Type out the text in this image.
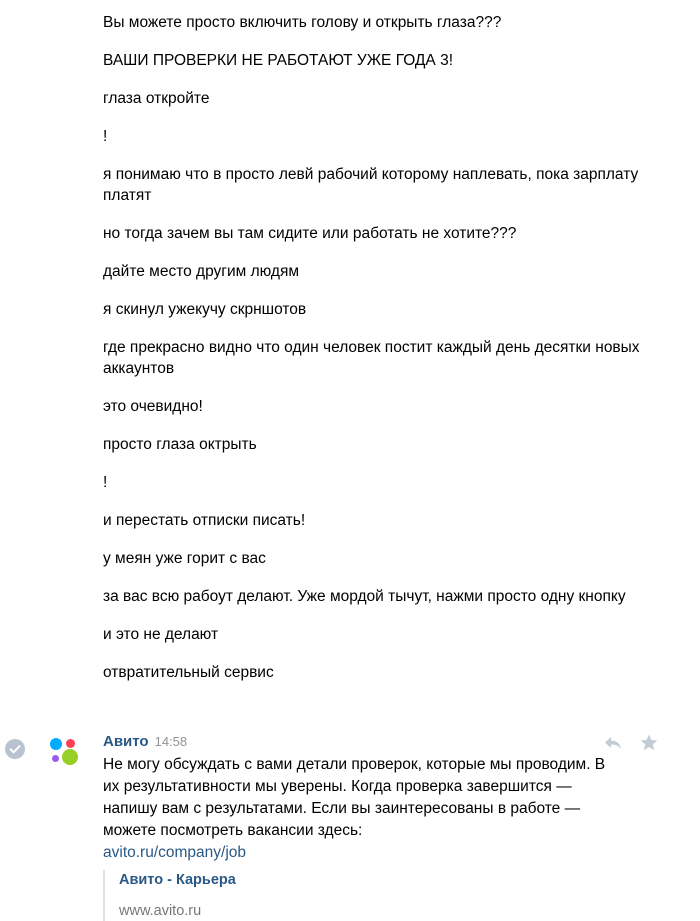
Вы можете просто включить голову и открыть глаза???

ВАШИ ПРОВЕРКИ НЕ РАБОТАЮТ УЖЕ ГОДА 3!

глаза откройте

!

я понимаю что в просто левй рабочий которому наплевать, пока зарплату платят

но тогда зачем вы там сидите или работать не хотите???

дайте место другим людям

я скинул ужекучу скрншотов

где прекрасно видно что один человек постит каждый день десятки новых аккаунтов

это очевидно!

просто глаза октрыть

!

и перестать отписки писать!

у меян уже горит с вас

за вас всю рабоут делают. Уже мордой тычут, нажми просто одну кнопку

и это не делают

отвратительный сервис

Авито 14:58
Не могу обсуждать с вами детали проверок, которые мы проводим. В их результативности мы уверены. Когда проверка завершится — напишу вам с результатами. Если вы заинтересованы в работе — можете посмотреть вакансии здесь:
avito.ru/company/job
Авито - Карьера
www.avito.ru
